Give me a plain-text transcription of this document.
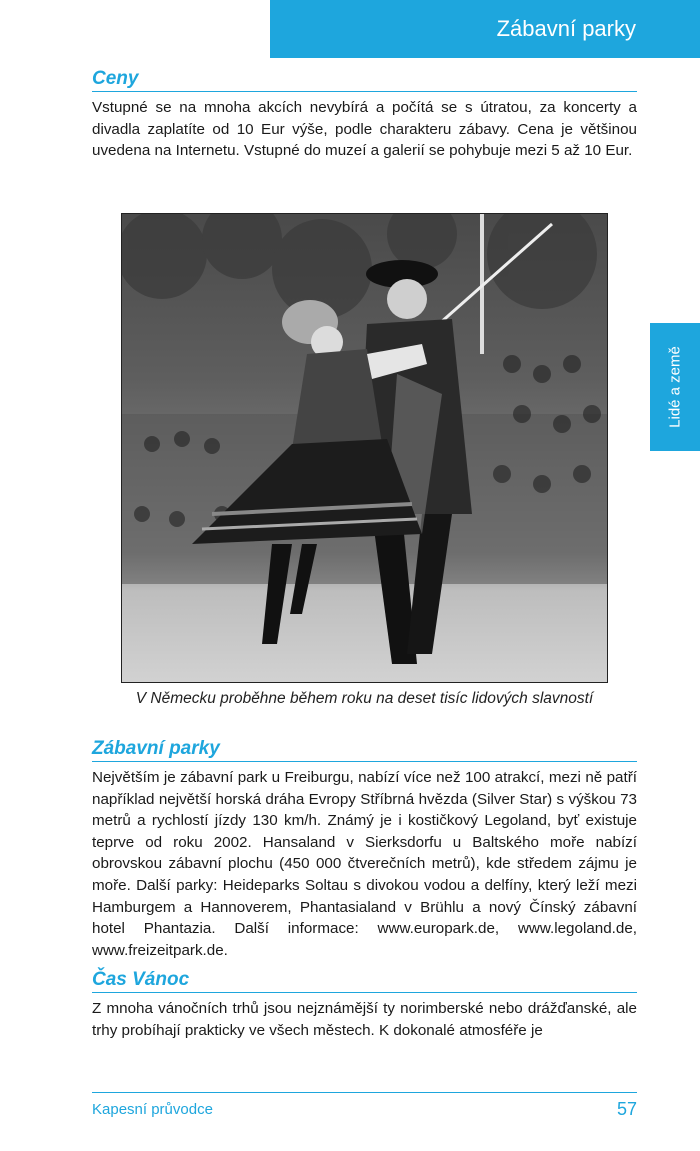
Zábavní parky
Lidé a země
Ceny

Vstupné se na mnoha akcích nevybírá a počítá se s útratou, za koncerty a divadla zaplatíte od 10 Eur výše, podle charakteru zábavy. Cena je většinou uvedena na Internetu. Vstupné do muzeí a galerií se pohybuje mezi 5 až 10 Eur.

V Německu proběhne během roku na deset tisíc lidových slavností
Zábavní parky

Největším je zábavní park u Freiburgu, nabízí více než 100 atrakcí, mezi ně patří například největší horská dráha Evropy Stříbrná hvězda (Silver Star) s výškou 73 metrů a rychlostí jízdy 130 km/h. Známý je i kostičkový Legoland, byť existuje teprve od roku 2002. Hansaland v Sierksdorfu u Baltského moře nabízí obrovskou zábavní plochu (450 000 čtverečních metrů), kde středem zájmu je moře. Další parky: Heideparks Soltau s divokou vodou a delfíny, který leží mezi Hamburgem a Hannoverem, Phantasialand v Brühlu a nový Čínský zábavní hotel Phantazia. Další informace: www.europark.de, www.legoland.de, www.freizeitpark.de.

Čas Vánoc

Z mnoha vánočních trhů jsou nejznámější ty norimberské nebo drážďanské, ale trhy probíhají prakticky ve všech městech. K dokonalé atmosféře je

Kapesní průvodce	57
